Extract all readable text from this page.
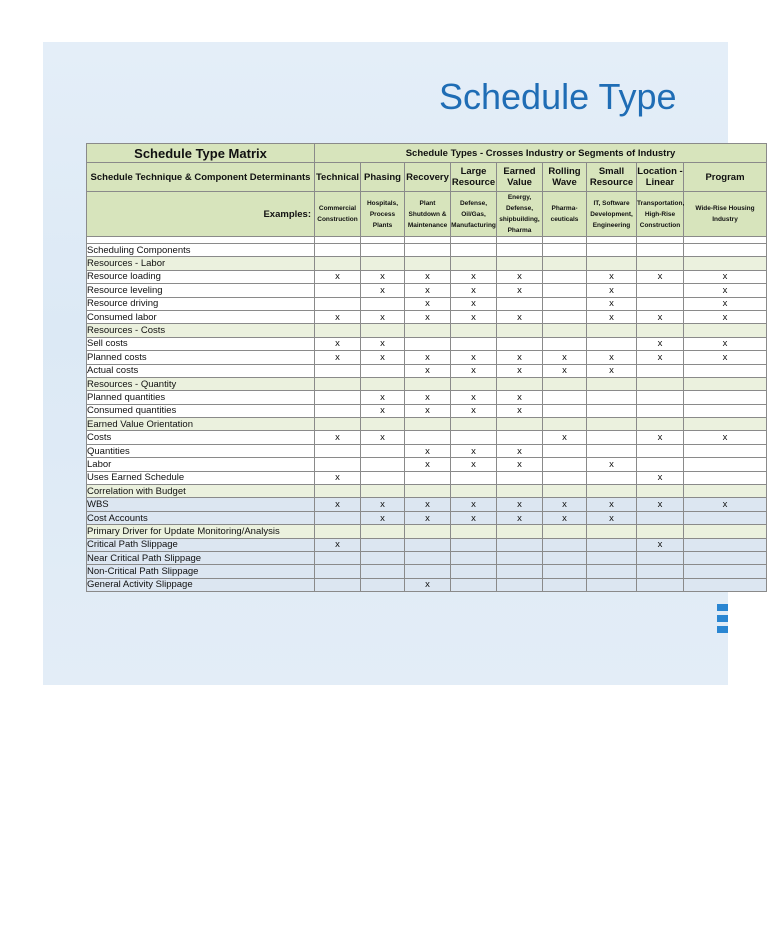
Schedule Type
Schedule Type Matrix	Schedule Types - Crosses Industry or Segments of Industry								
Schedule Technique & Component Determinants	Technical	Phasing	Recovery	Large Resource	Earned Value	Rolling Wave	Small Resource	Location - Linear	Program
Examples:	Commercial Construction	Hospitals, Process Plants	Plant Shutdown & Maintenance	Defense, Oil/Gas, Manufacturing	Energy, Defense, shipbuilding, Pharma	Pharma-ceuticals	IT, Software Development, Engineering	Transportation, High-Rise Construction	Wide-Rise Housing Industry

Scheduling Components									
Resources - Labor									
Resource loading	x	x	x	x	x		x	x	x
Resource leveling		x	x	x	x		x		x
Resource driving			x	x			x		x
Consumed labor	x	x	x	x	x		x	x	x
Resources - Costs									
Sell costs	x	x						x	x
Planned costs	x	x	x	x	x	x	x	x	x
Actual costs			x	x	x	x	x		
Resources - Quantity									
Planned quantities		x	x	x	x				
Consumed quantities		x	x	x	x				
Earned Value Orientation									
Costs	x	x				x		x	x
Quantities			x	x	x				
Labor			x	x	x		x		
Uses Earned Schedule	x							x	
Correlation with Budget									
WBS	x	x	x	x	x	x	x	x	x
Cost Accounts		x	x	x	x	x	x		
Primary Driver for Update Monitoring/Analysis									
Critical Path Slippage	x							x	
Near Critical Path Slippage									
Non-Critical Path Slippage									
General Activity Slippage			x						
